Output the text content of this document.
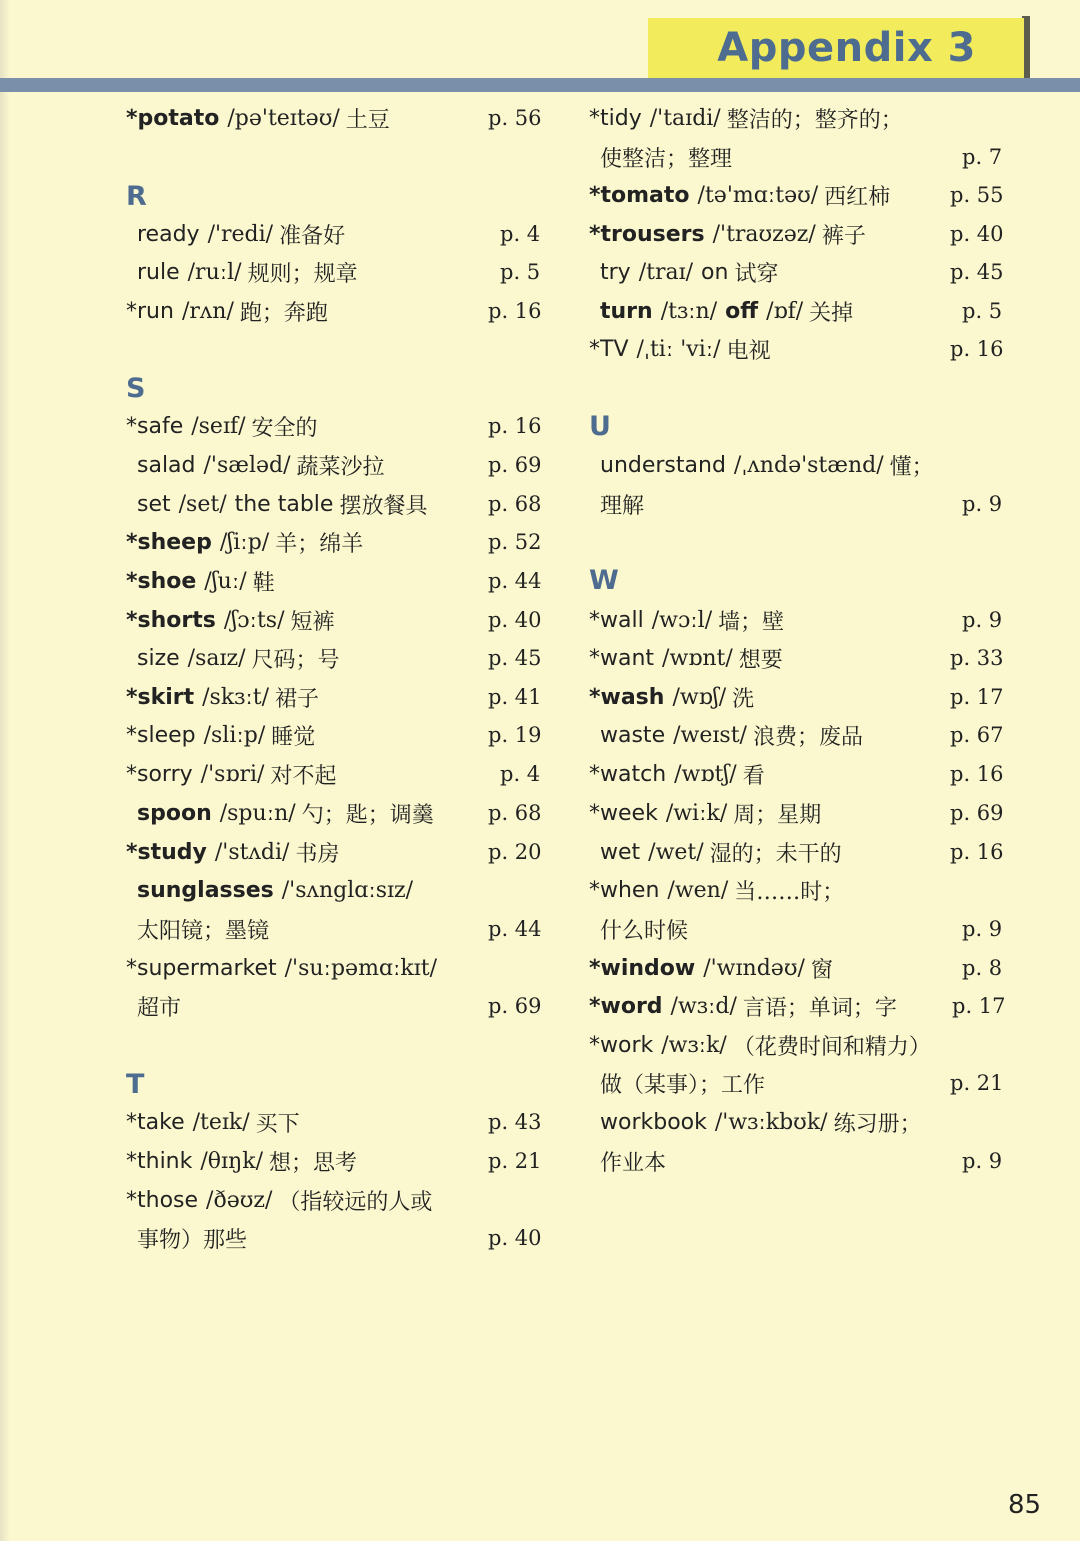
Appendix 3
*potato /pə'teɪtəʊ/ 土豆	p. 56
R
ready /'redi/ 准备好	p. 4
rule /ruːl/ 规则；规章	p. 5
*run /rʌn/ 跑；奔跑	p. 16
S
*safe /seɪf/ 安全的	p. 16
salad /'sæləd/ 蔬菜沙拉	p. 69
set /set/ the table 摆放餐具	p. 68
*sheep /ʃiːp/ 羊；绵羊	p. 52
*shoe /ʃuː/ 鞋	p. 44
*shorts /ʃɔːts/ 短裤	p. 40
size /saɪz/ 尺码；号	p. 45
*skirt /skɜːt/ 裙子	p. 41
*sleep /sliːp/ 睡觉	p. 19
*sorry /'sɒri/ 对不起	p. 4
spoon /spuːn/ 勺；匙；调羹	p. 68
*study /'stʌdi/ 书房	p. 20
sunglasses /'sʌnglɑːsɪz/
太阳镜；墨镜	p. 44
*supermarket /'suːpəmɑːkɪt/
超市	p. 69
T
*take /teɪk/ 买下	p. 43
*think /θɪŋk/ 想；思考	p. 21
*those /ðəʊz/ （指较远的人或
事物）那些	p. 40
*tidy /'taɪdi/ 整洁的；整齐的；
使整洁；整理	p. 7
*tomato /tə'mɑːtəʊ/ 西红柿	p. 55
*trousers /'traʊzəz/ 裤子	p. 40
try /traɪ/ on 试穿	p. 45
turn /tɜːn/ off /ɒf/ 关掉	p. 5
*TV /ˌtiː 'viː/ 电视	p. 16
U
understand /ˌʌndə'stænd/ 懂；
理解	p. 9
W
*wall /wɔːl/ 墙；壁	p. 9
*want /wɒnt/ 想要	p. 33
*wash /wɒʃ/ 洗	p. 17
waste /weɪst/ 浪费；废品	p. 67
*watch /wɒtʃ/ 看	p. 16
*week /wiːk/ 周；星期	p. 69
wet /wet/ 湿的；未干的	p. 16
*when /wen/ 当……时；
什么时候	p. 9
*window /'wɪndəʊ/ 窗	p. 8
*word /wɜːd/ 言语；单词；字	p. 17
*work /wɜːk/ （花费时间和精力）
做（某事）；工作	p. 21
workbook /'wɜːkbʊk/ 练习册；
作业本	p. 9
85
